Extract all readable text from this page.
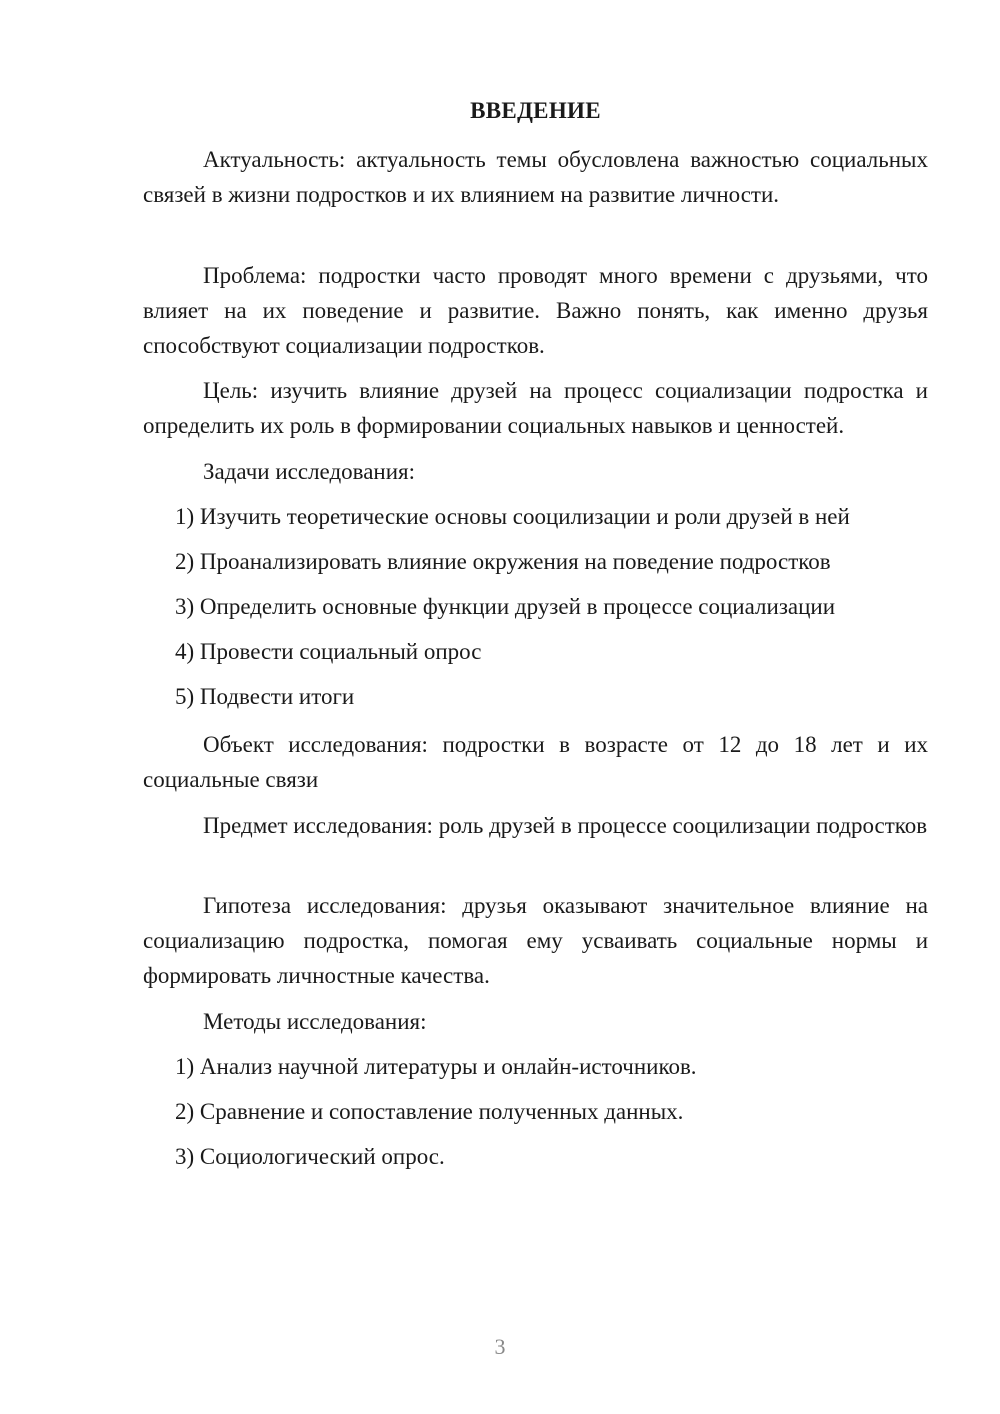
ВВЕДЕНИЕ

Актуальность: актуальность темы обусловлена важностью социальных связей в жизни подростков и их влиянием на развитие личности.

Проблема: подростки часто проводят много времени с друзьями, что влияет на их поведение и развитие. Важно понять, как именно друзья способствуют социализации подростков.

Цель: изучить влияние друзей на процесс социализации подростка и определить их роль в формировании социальных навыков и ценностей.

Задачи исследования:

1) Изучить теоретические основы сооцилизации и роли друзей в ней

2) Проанализировать влияние окружения на поведение подростков

3) Определить основные функции друзей в процессе социализации

4) Провести социальный опрос

5) Подвести итоги

Объект исследования: подростки в возрасте от 12 до 18 лет и их социальные связи

Предмет исследования: роль друзей в процессе сооцилизации подростков

Гипотеза исследования: друзья оказывают значительное влияние на социализацию подростка, помогая ему усваивать социальные нормы и формировать личностные качества.

Методы исследования:

1) Анализ научной литературы и онлайн-источников.

2) Сравнение и сопоставление полученных данных.

3) Социологический опрос.

3
